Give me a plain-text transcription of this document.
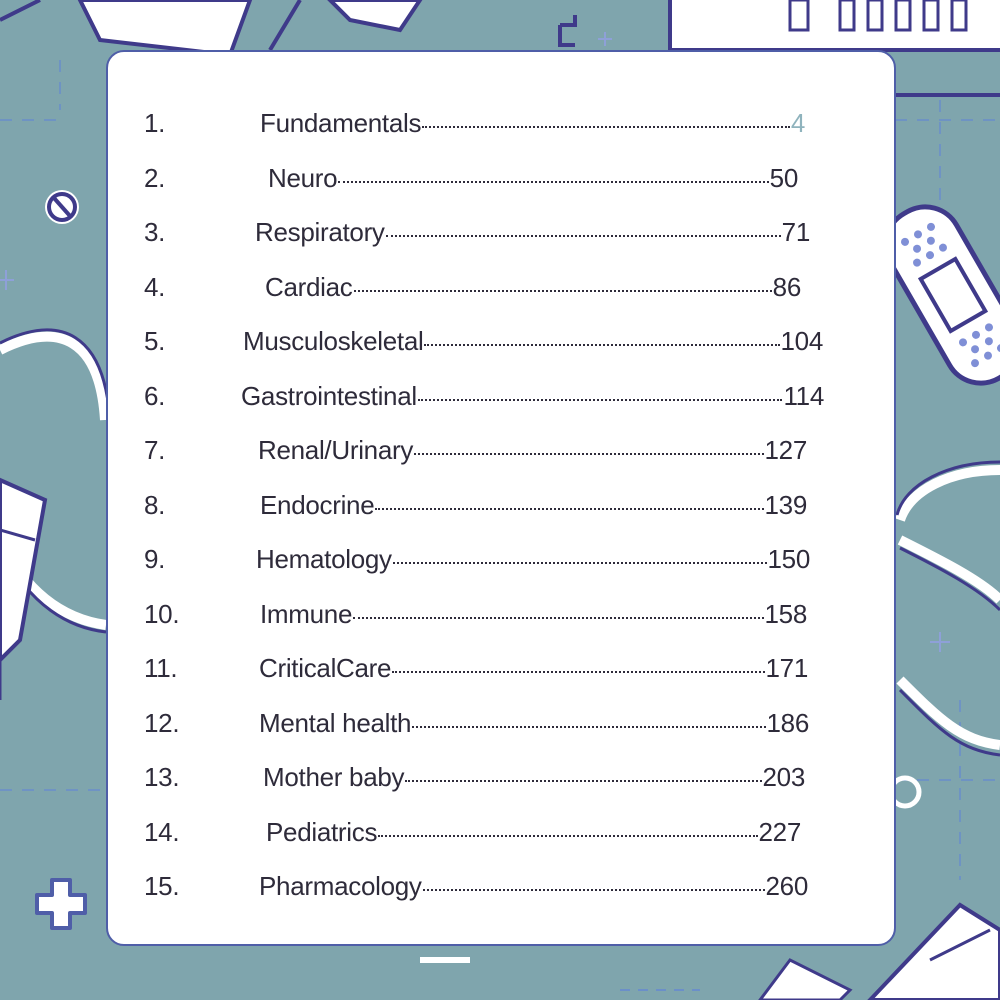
1.	Fundamentals	4
2.	Neuro	50
3.	Respiratory	71
4.	Cardiac	86
5.	Musculoskeletal	104
6.	Gastrointestinal	114
7.	Renal/Urinary	127
8.	Endocrine	139
9.	Hematology	150
10.	Immune	158
11.	CriticalCare	171
12.	Mental health	186
13.	Mother baby	203
14.	Pediatrics	227
15.	Pharmacology	260
